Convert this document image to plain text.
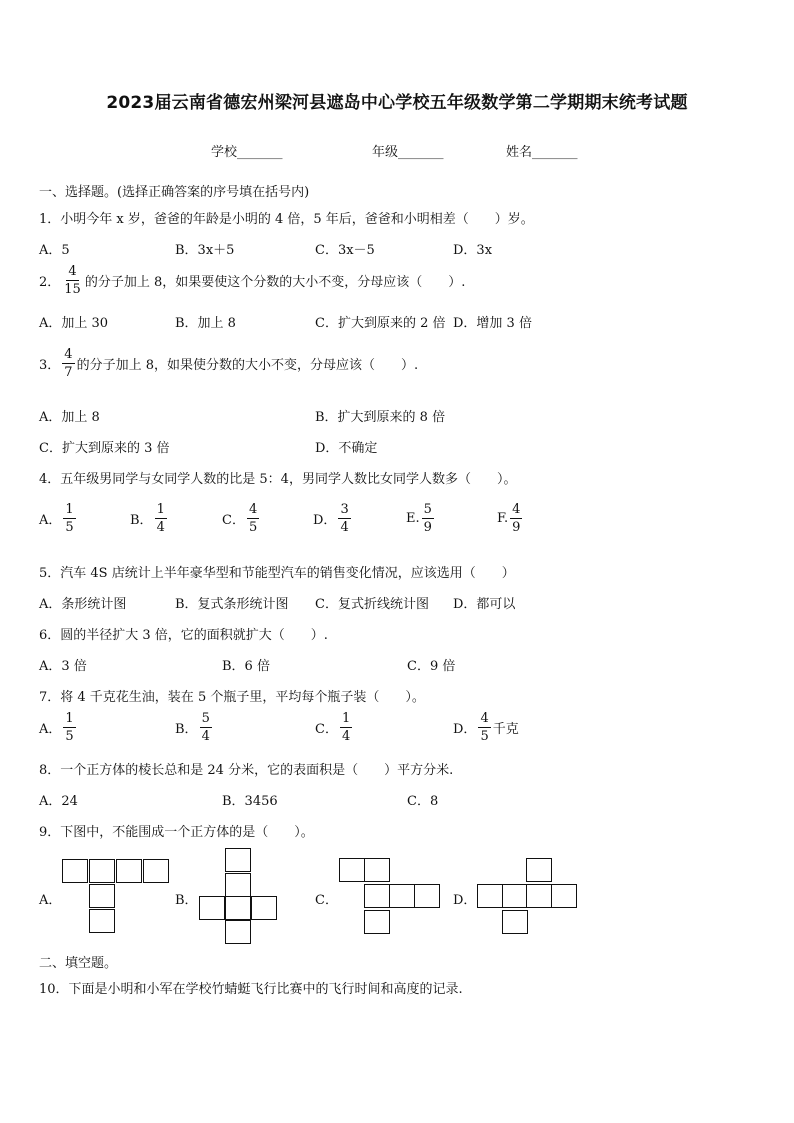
2023届云南省德宏州梁河县遮岛中心学校五年级数学第二学期期末统考试题
学校_______	年级_______	姓名_______
一、选择题。(选择正确答案的序号填在括号内)
1．小明今年 x 岁，爸爸的年龄是小明的 4 倍，5 年后，爸爸和小明相差（　　）岁。
A．5	B．3x＋5	C．3x－5	D．3x
2． $\frac{4}{15}$ 的分子加上 8，如果要使这个分数的大小不变，分母应该（　　）.
A．加上 30	B．加上 8	C．扩大到原来的 2 倍 D．增加 3 倍
3． $\frac{4}{7}$ 的分子加上 8，如果使分数的大小不变，分母应该（　　）.
A．加上 8	B．扩大到原来的 8 倍
C．扩大到原来的 3 倍	D．不确定
4．五年级男同学与女同学人数的比是 5：4，男同学人数比女同学人数多（　　）。
A． $\frac{1}{5}$	B． $\frac{1}{4}$	C． $\frac{4}{5}$	D． $\frac{3}{4}$	E. $\frac{5}{9}$	F. $\frac{4}{9}$
5．汽车 4S 店统计上半年豪华型和节能型汽车的销售变化情况，应该选用（　　）
A．条形统计图	B．复式条形统计图 C．复式折线统计图 D．都可以
6．圆的半径扩大 3 倍，它的面积就扩大（　　）.
A．3 倍	B．6 倍	C．9 倍
7．将 4 千克花生油，装在 5 个瓶子里，平均每个瓶子装（　　）。
A． $\frac{1}{5}$	B． $\frac{5}{4}$	C． $\frac{1}{4}$	D． $\frac{4}{5}$ 千克
8．一个正方体的棱长总和是 24 分米，它的表面积是（　　）平方分米.
A．24	B．3456	C．8
9．下图中，不能围成一个正方体的是（　　）。
A．	B．	C．	D．
二、填空题。
10．下面是小明和小军在学校竹蜻蜓飞行比赛中的飞行时间和高度的记录.
